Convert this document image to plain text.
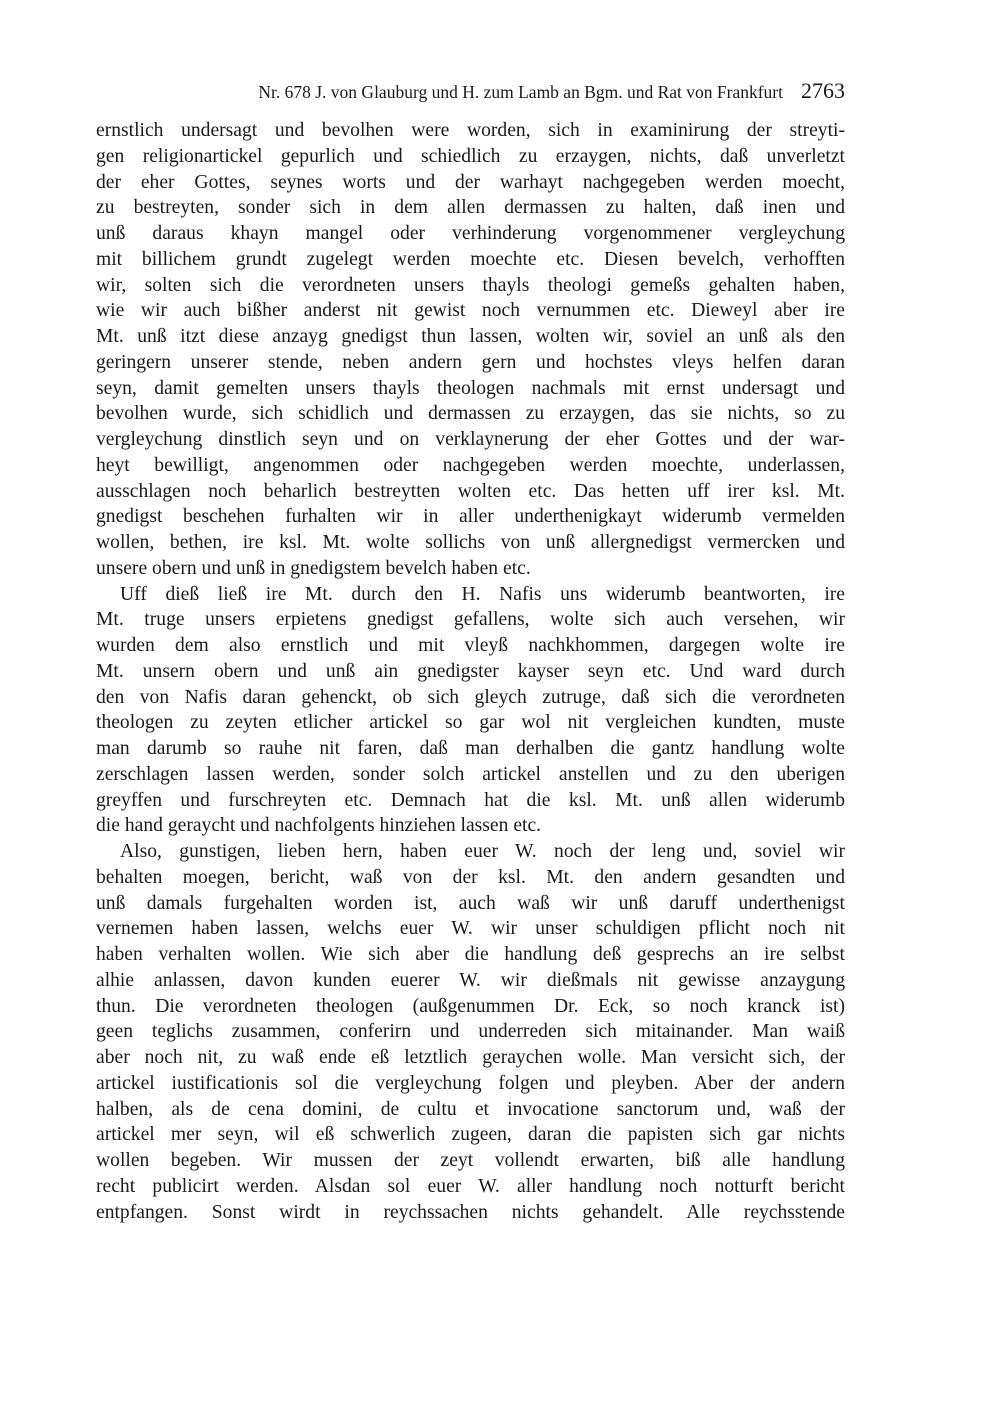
Nr. 678 J. von Glauburg und H. zum Lamb an Bgm. und Rat von Frankfurt 2763
ernstlich undersagt und bevolhen were worden, sich in examinirung der streyti-
gen religionartickel gepurlich und schiedlich zu erzaygen, nichts, daß unverletzt
der eher Gottes, seynes worts und der warhayt nachgegeben werden moecht,
zu bestreyten, sonder sich in dem allen dermassen zu halten, daß inen und
unß daraus khayn mangel oder verhinderung vorgenommener vergleychung
mit billichem grundt zugelegt werden moechte etc. Diesen bevelch, verhofften
wir, solten sich die verordneten unsers thayls theologi gemeßs gehalten haben,
wie wir auch bißher anderst nit gewist noch vernummen etc. Dieweyl aber ire
Mt. unß itzt diese anzayg gnedigst thun lassen, wolten wir, soviel an unß als den
geringern unserer stende, neben andern gern und hochstes vleys helfen daran
seyn, damit gemelten unsers thayls theologen nachmals mit ernst undersagt und
bevolhen wurde, sich schidlich und dermassen zu erzaygen, das sie nichts, so zu
vergleychung dinstlich seyn und on verklaynerung der eher Gottes und der war-
heyt bewilligt, angenommen oder nachgegeben werden moechte, underlassen,
ausschlagen noch beharlich bestreytten wolten etc. Das hetten uff irer ksl. Mt.
gnedigst beschehen furhalten wir in aller underthenigkayt widerumb vermelden
wollen, bethen, ire ksl. Mt. wolte sollichs von unß allergnedigst vermercken und
unsere obern und unß in gnedigstem bevelch haben etc.
Uff dieß ließ ire Mt. durch den H. Nafis uns widerumb beantworten, ire
Mt. truge unsers erpietens gnedigst gefallens, wolte sich auch versehen, wir
wurden dem also ernstlich und mit vleyß nachkhommen, dargegen wolte ire
Mt. unsern obern und unß ain gnedigster kayser seyn etc. Und ward durch
den von Nafis daran gehenckt, ob sich gleych zutruge, daß sich die verordneten
theologen zu zeyten etlicher artickel so gar wol nit vergleichen kundten, muste
man darumb so rauhe nit faren, daß man derhalben die gantz handlung wolte
zerschlagen lassen werden, sonder solch artickel anstellen und zu den uberigen
greyffen und furschreyten etc. Demnach hat die ksl. Mt. unß allen widerumb
die hand geraycht und nachfolgents hinziehen lassen etc.
Also, gunstigen, lieben hern, haben euer W. noch der leng und, soviel wir
behalten moegen, bericht, waß von der ksl. Mt. den andern gesandten und
unß damals furgehalten worden ist, auch waß wir unß daruff underthenigst
vernemen haben lassen, welchs euer W. wir unser schuldigen pflicht noch nit
haben verhalten wollen. Wie sich aber die handlung deß gesprechs an ire selbst
alhie anlassen, davon kunden euerer W. wir dießmals nit gewisse anzaygung
thun. Die verordneten theologen (außgenummen Dr. Eck, so noch kranck ist)
geen teglichs zusammen, conferirn und underreden sich mitainander. Man waiß
aber noch nit, zu waß ende eß letztlich geraychen wolle. Man versicht sich, der
artickel iustificationis sol die vergleychung folgen und pleyben. Aber der andern
halben, als de cena domini, de cultu et invocatione sanctorum und, waß der
artickel mer seyn, wil eß schwerlich zugeen, daran die papisten sich gar nichts
wollen begeben. Wir mussen der zeyt vollendt erwarten, biß alle handlung
recht publicirt werden. Alsdan sol euer W. aller handlung noch notturft bericht
entpfangen. Sonst wirdt in reychssachen nichts gehandelt. Alle reychsstende
